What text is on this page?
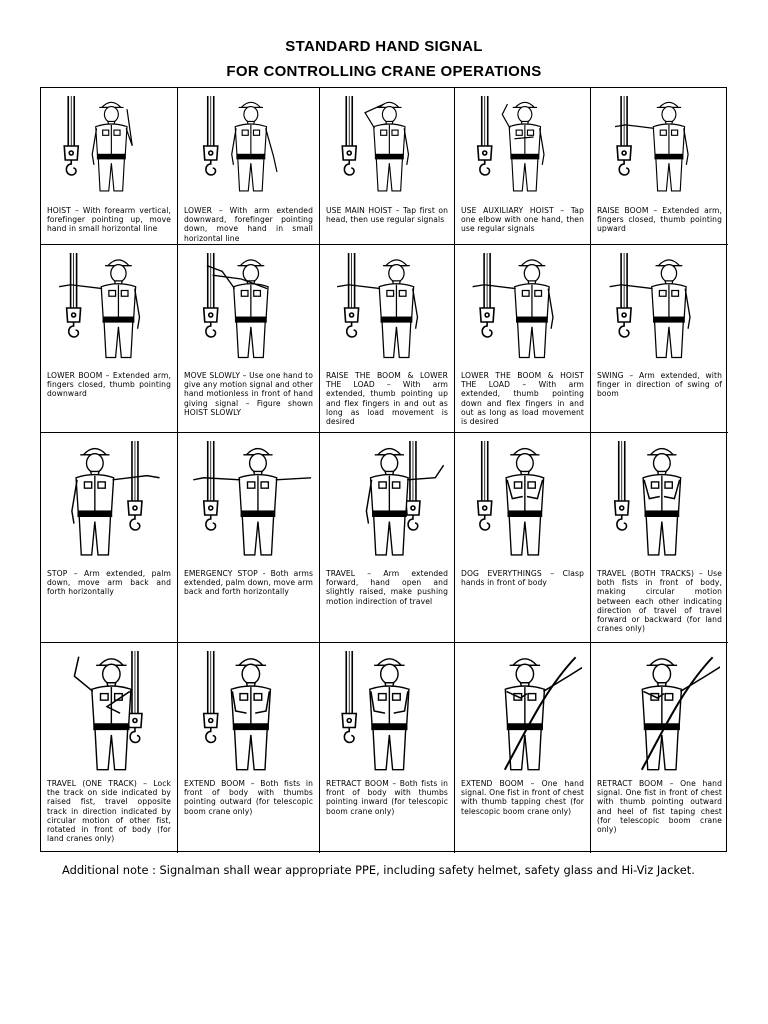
STANDARD HAND SIGNAL
FOR CONTROLLING CRANE OPERATIONS
HOIST – With forearm vertical, forefinger pointing up, move hand in small horizontal line
LOWER – With arm extended downward, forefinger pointing down, move hand in small horizontal line
USE MAIN HOIST – Tap first on head, then use regular signals
USE AUXILIARY HOIST – Tap one elbow with one hand, then use regular signals
RAISE BOOM – Extended arm, fingers closed, thumb pointing upward
LOWER BOOM – Extended arm, fingers closed, thumb pointing downward
MOVE SLOWLY – Use one hand to give any motion signal and other hand motionless in front of hand giving signal – Figure shown HOIST SLOWLY
RAISE THE BOOM & LOWER THE LOAD – With arm extended, thumb pointing up and flex fingers in and out as long as load movement is desired
LOWER THE BOOM & HOIST THE LOAD – With arm extended, thumb pointing down and flex fingers in and out as long as load movement is desired
SWING – Arm extended, with finger in direction of swing of boom
STOP – Arm extended, palm down, move arm back and forth horizontally
EMERGENCY STOP - Both arms extended, palm down, move arm back and forth horizontally
TRAVEL – Arm extended forward, hand open and slightly raised, make pushing motion indirection of travel
DOG EVERYTHINGS – Clasp hands in front of body
TRAVEL (BOTH TRACKS) – Use both fists in front of body, making circular motion between each other indicating direction of travel of travel forward or backward (for land cranes only)
TRAVEL (ONE TRACK) – Lock the track on side indicated by raised fist, travel opposite track in direction indicated by circular motion of other fist, rotated in front of body (for land cranes only)
EXTEND BOOM – Both fists in front of body with thumbs pointing outward (for telescopic boom crane only)
RETRACT BOOM – Both fists in front of body with thumbs pointing inward (for telescopic boom crane only)
EXTEND BOOM – One hand signal. One fist in front of chest with thumb tapping chest (for telescopic boom crane only)
RETRACT BOOM – One hand signal. One fist in front of chest with thumb pointing outward and heel of fist taping chest (for telescopic boom crane only)
Additional note : Signalman shall wear appropriate PPE, including safety helmet, safety glass and Hi-Viz Jacket.
